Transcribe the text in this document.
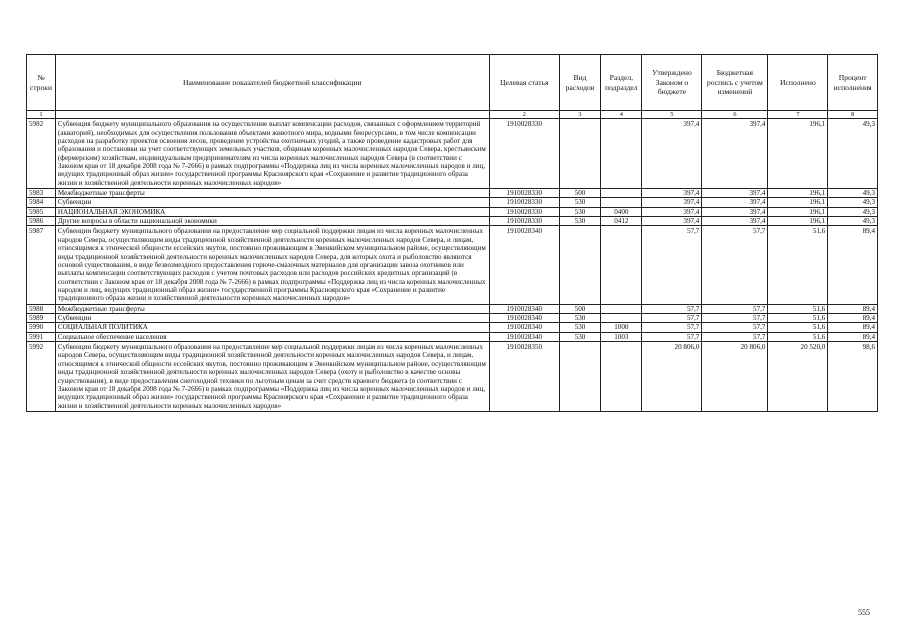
№ строки	Наименование показателей бюджетной классификации	Целевая статья	Вид расходов	Раздел, подраздел	Утверждено Законом о бюджете	Бюджетная роспись с учетом изменений	Исполнено	Процент исполнения
1		2	3	4	5	6	7	8
5982	Субвенция бюджету муниципального образования на осуществление выплат компенсации расходов, связанных с оформлением территорий (акваторий), необходимых для осуществления пользования объектами животного мира, водными биоресурсами, в том числе компенсации расходов на разработку проектов освоения лесов, проведение устройства охотничьих угодий, а также проведение кадастровых работ для образования и постановки на учет соответствующих земельных участков, общинам коренных малочисленных народов Севера, крестьянским (фермерским) хозяйствам, индивидуальным предпринимателям из числа коренных малочисленных народов Севера (в соответствии с Законом края от 18 декабря 2008 года № 7-2666) в рамках подпрограммы «Поддержка лиц из числа коренных малочисленных народов и лиц, ведущих традиционный образ жизни» государственной программы Красноярского края «Сохранение и развитие традиционного образа жизни и хозяйственной деятельности коренных малочисленных народов»	1910028330			397,4	397,4	196,1	49,3
5983	Межбюджетные трансферты	1910028330	500		397,4	397,4	196,1	49,3
5984	Субвенции	1910028330	530		397,4	397,4	196,1	49,3
5985	НАЦИОНАЛЬНАЯ ЭКОНОМИКА	1910028330	530	0400	397,4	397,4	196,1	49,3
5986	Другие вопросы в области национальной экономики	1910028330	530	0412	397,4	397,4	196,1	49,3
5987	Субвенции бюджету муниципального образования на предоставление мер социальной поддержки лицам из числа коренных малочисленных народов Севера, осуществляющим виды традиционной хозяйственной деятельности коренных малочисленных народов Севера, и лицам, относящимся к этнической общности ессейских якутов, постоянно проживающим в Эвенкийском муниципальном районе, осуществляющим виды традиционной хозяйственной деятельности коренных малочисленных народов Севера, для которых охота и рыболовство являются основой существования, в виде безвозмездного предоставления горюче-смазочных материалов для организации завоза охотников или выплаты компенсации соответствующих расходов с учетом почтовых расходов или расходов российских кредитных организаций (в соответствии с Законом края от 18 декабря 2008 года № 7-2666) в рамках подпрограммы «Поддержка лиц из числа коренных малочисленных народов и лиц, ведущих традиционный образ жизни» государственной программы Красноярского края «Сохранение и развитие традиционного образа жизни и хозяйственной деятельности коренных малочисленных народов»	1910028340			57,7	57,7	51,6	89,4
5988	Межбюджетные трансферты	1910028340	500		57,7	57,7	51,6	89,4
5989	Субвенции	1910028340	530		57,7	57,7	51,6	89,4
5990	СОЦИАЛЬНАЯ ПОЛИТИКА	1910028340	530	1000	57,7	57,7	51,6	89,4
5991	Социальное обеспечение населения	1910028340	530	1003	57,7	57,7	51,6	89,4
5992	Субвенции бюджету муниципального образования на предоставление мер социальной поддержки лицам из числа коренных малочисленных народов Севера, осуществляющим виды традиционной хозяйственной деятельности коренных малочисленных народов Севера, и лицам, относящимся к этнической общности ессейских якутов, постоянно проживающим в Эвенкийском муниципальном районе, осуществляющим виды традиционной хозяйственной деятельности коренных малочисленных народов Севера (охоту и рыболовство в качестве основы существования), в виде предоставления снегоходной техники по льготным ценам за счет средств краевого бюджета (в соответствии с Законом края от 18 декабря 2008 года № 7-2666) в рамках подпрограммы «Поддержка лиц из числа коренных малочисленных народов и лиц, ведущих традиционный образ жизни» государственной программы Красноярского края «Сохранение и развитие традиционного образа жизни и хозяйственной деятельности коренных малочисленных народов»	1910028350			20 806,0	20 806,0	20 520,0	98,6
555
